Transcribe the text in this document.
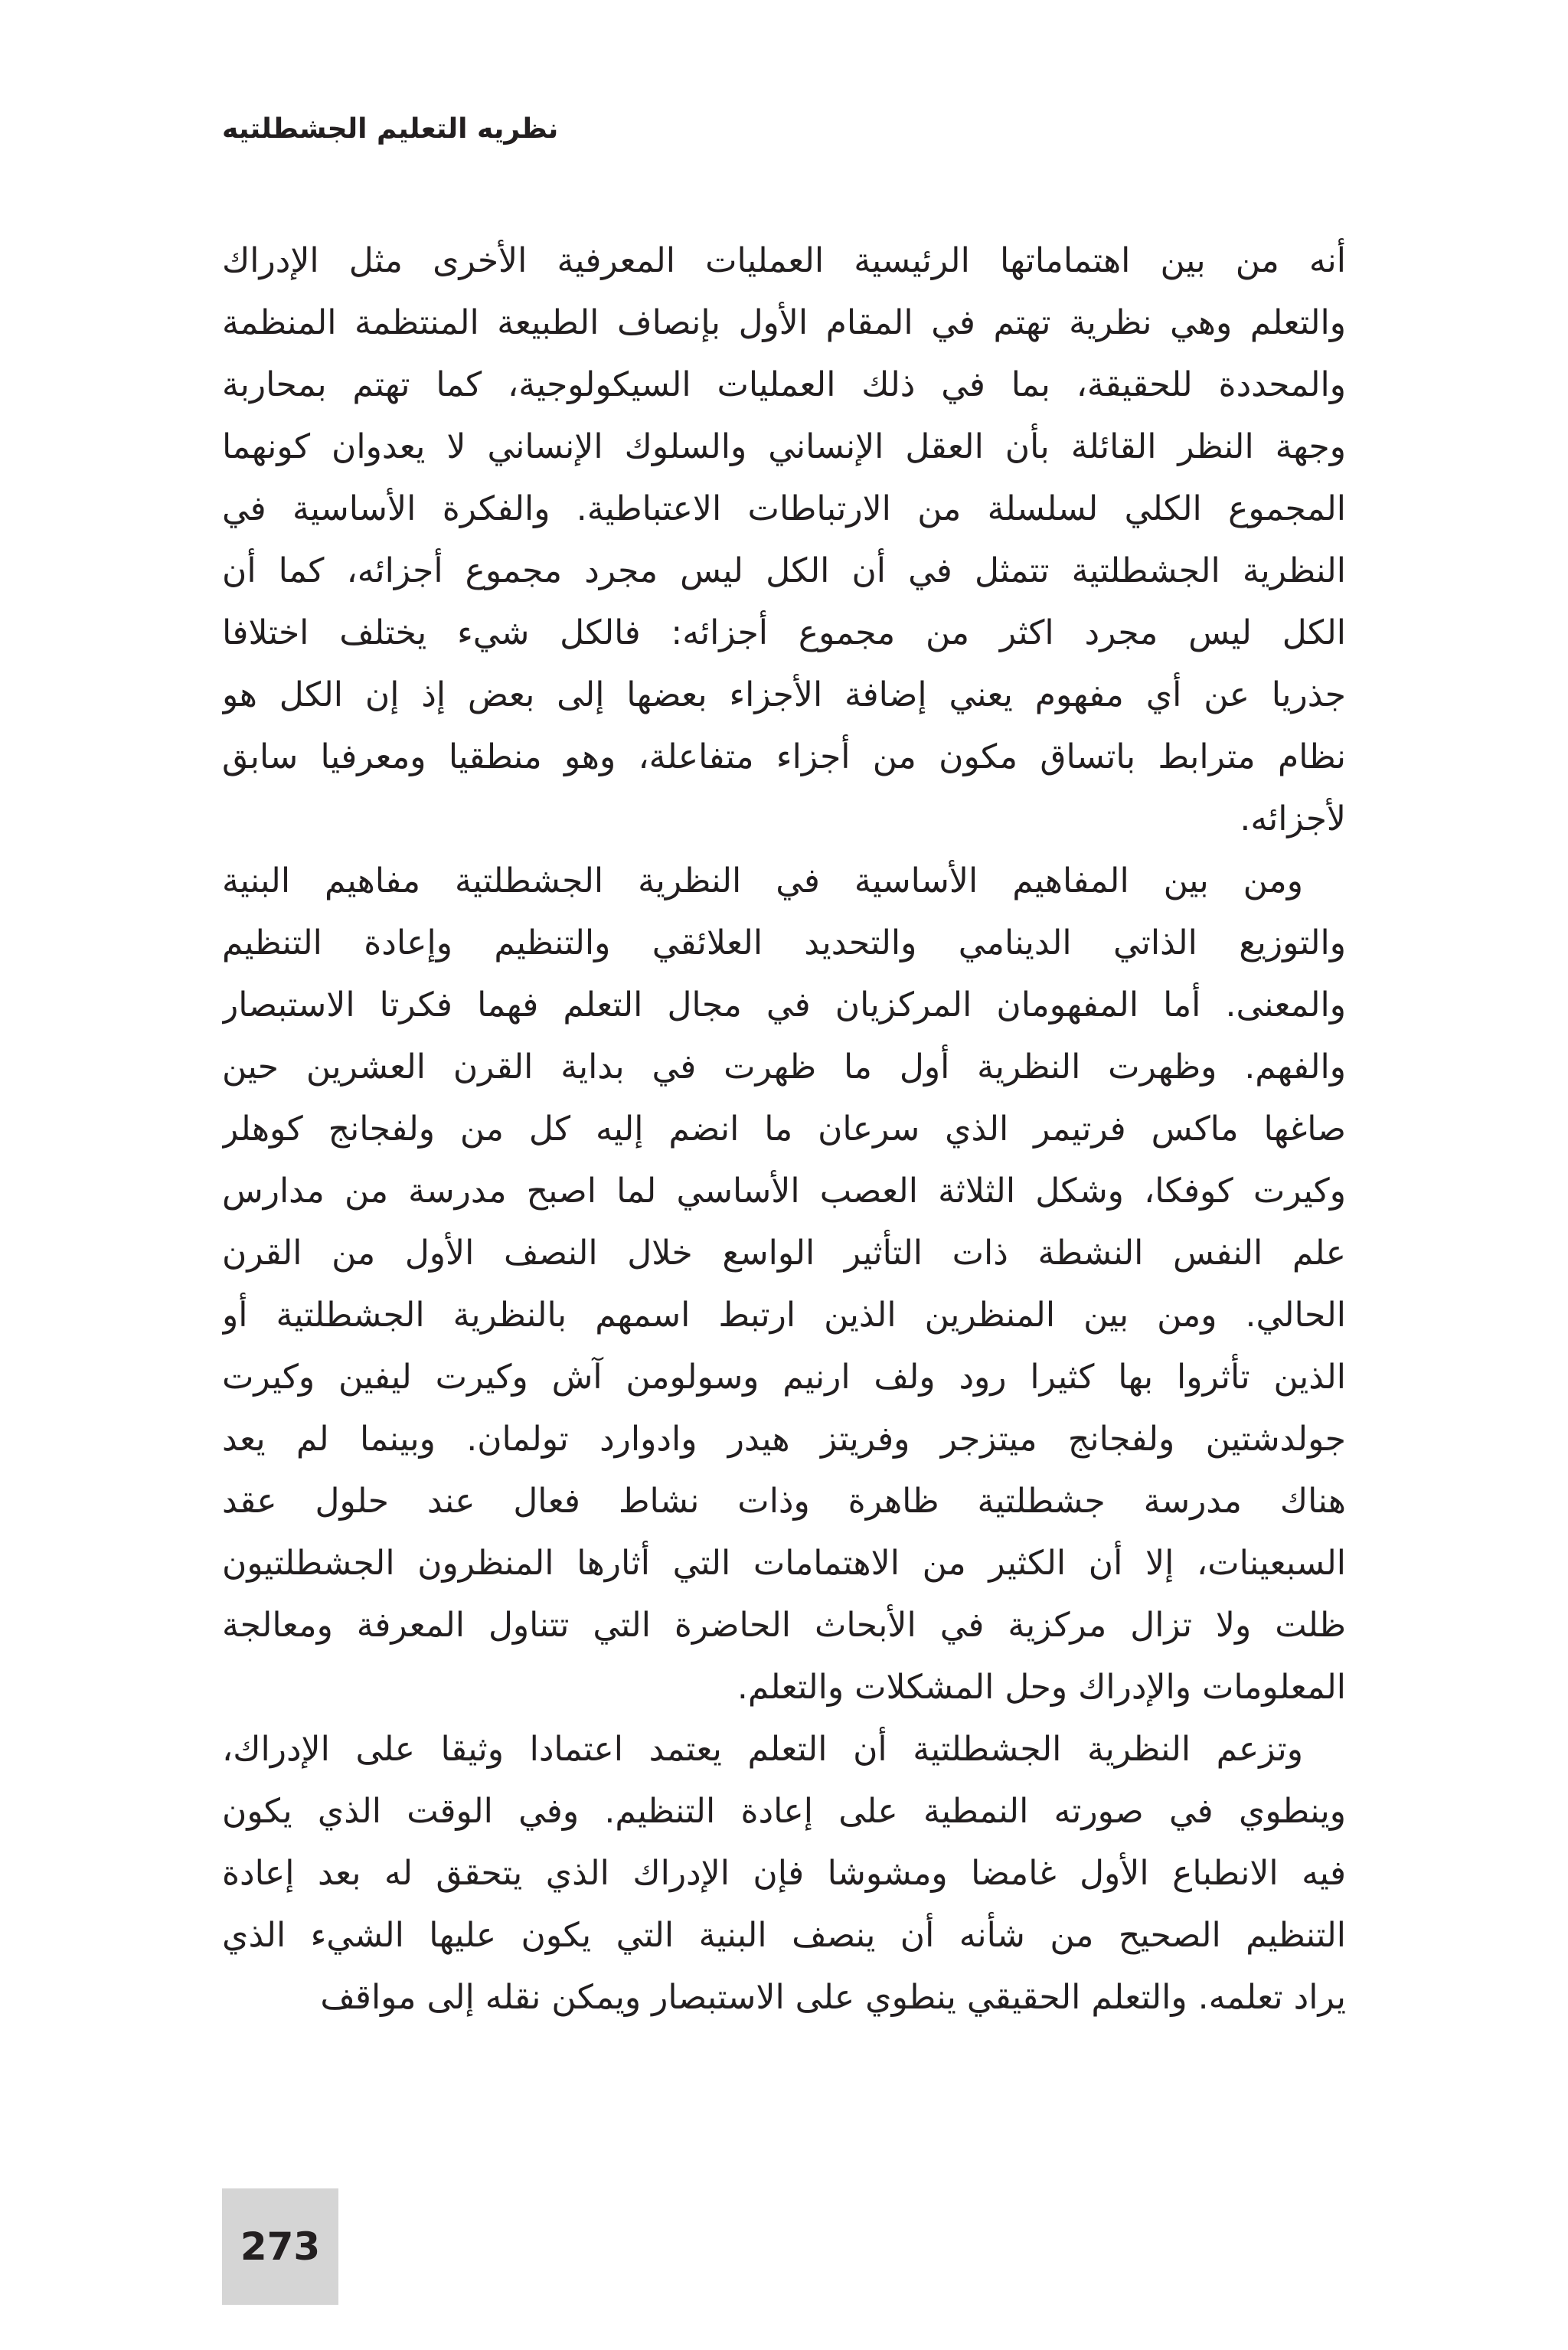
نظريه التعليم الجشطلتيه
أنه من بين اهتماماتها الرئيسية العمليات المعرفية الأخرى مثل الإدراك
والتعلم وهي نظرية تهتم في المقام الأول بإنصاف الطبيعة المنتظمة المنظمة
والمحددة للحقيقة، بما في ذلك العمليات السيكولوجية، كما تهتم بمحاربة
وجهة النظر القائلة بأن العقل الإنساني والسلوك الإنساني لا يعدوان كونهما
المجموع الكلي لسلسلة من الارتباطات الاعتباطية. والفكرة الأساسية في
النظرية الجشطلتية تتمثل في أن الكل ليس مجرد مجموع أجزائه، كما أن
الكل ليس مجرد اكثر من مجموع أجزائه: فالكل شيء يختلف اختلافا
جذريا عن أي مفهوم يعني إضافة الأجزاء بعضها إلى بعض إذ إن الكل هو
نظام مترابط باتساق مكون من أجزاء متفاعلة، وهو منطقيا ومعرفيا سابق
لأجزائه.
ومن بين المفاهيم الأساسية في النظرية الجشطلتية مفاهيم البنية
والتوزيع الذاتي الدينامي والتحديد العلائقي والتنظيم وإعادة التنظيم
والمعنى. أما المفهومان المركزيان في مجال التعلم فهما فكرتا الاستبصار
والفهم. وظهرت النظرية أول ما ظهرت في بداية القرن العشرين حين
صاغها ماكس فرتيمر الذي سرعان ما انضم إليه كل من ولفجانج كوهلر
وكيرت كوفكا، وشكل الثلاثة العصب الأساسي لما اصبح مدرسة من مدارس
علم النفس النشطة ذات التأثير الواسع خلال النصف الأول من القرن
الحالي. ومن بين المنظرين الذين ارتبط اسمهم بالنظرية الجشطلتية أو
الذين تأثروا بها كثيرا رود ولف ارنيم وسولومن آش وكيرت ليفين وكيرت
جولدشتين ولفجانج ميتزجر وفريتز هيدر وادوارد تولمان. وبينما لم يعد
هناك مدرسة جشطلتية ظاهرة وذات نشاط فعال عند حلول عقد
السبعينات، إلا أن الكثير من الاهتمامات التي أثارها المنظرون الجشطلتيون
ظلت ولا تزال مركزية في الأبحاث الحاضرة التي تتناول المعرفة ومعالجة
المعلومات والإدراك وحل المشكلات والتعلم.
وتزعم النظرية الجشطلتية أن التعلم يعتمد اعتمادا وثيقا على الإدراك،
وينطوي في صورته النمطية على إعادة التنظيم. وفي الوقت الذي يكون
فيه الانطباع الأول غامضا ومشوشا فإن الإدراك الذي يتحقق له بعد إعادة
التنظيم الصحيح من شأنه أن ينصف البنية التي يكون عليها الشيء الذي
يراد تعلمه. والتعلم الحقيقي ينطوي على الاستبصار ويمكن نقله إلى مواقف
273
